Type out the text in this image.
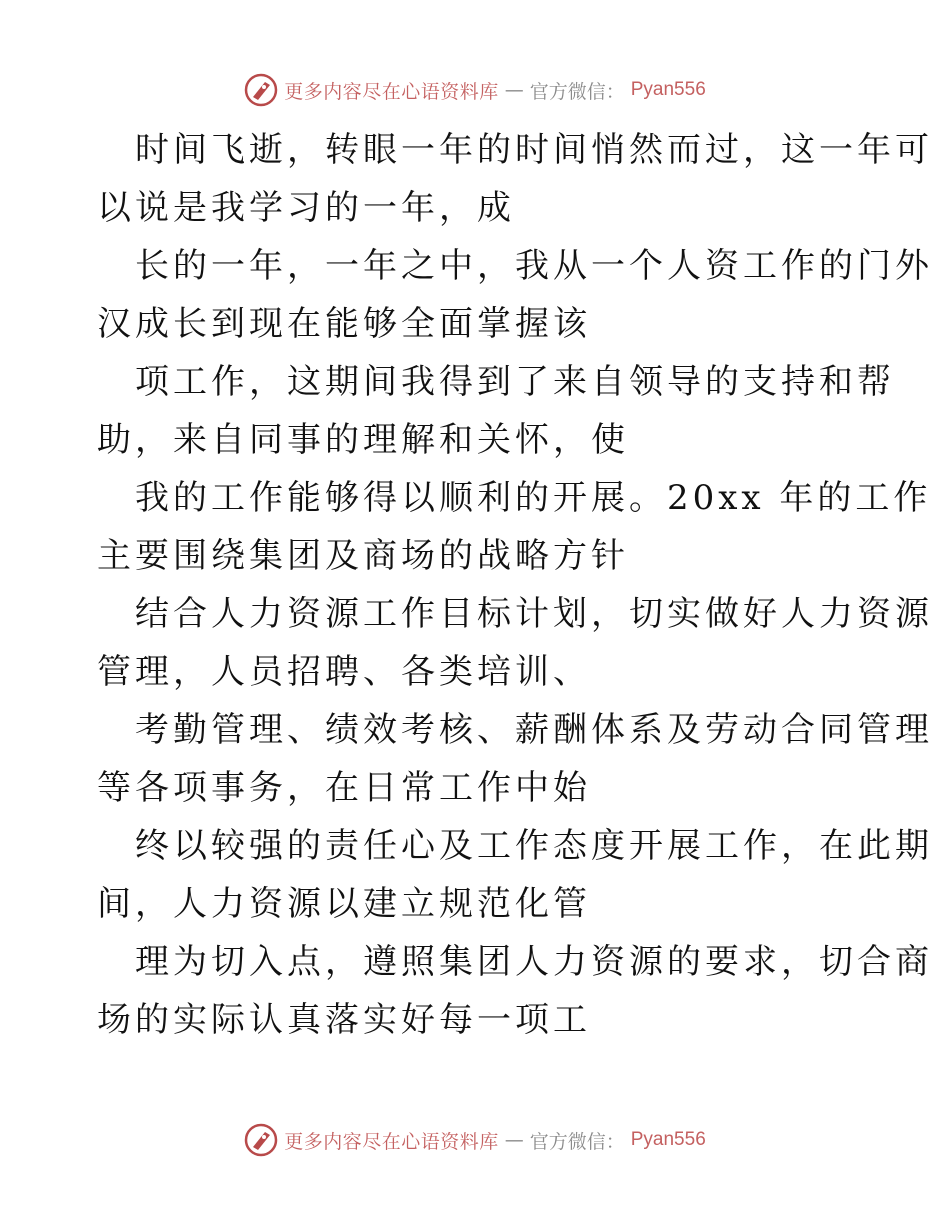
更多内容尽在心语资料库 — 官方微信： Pyan556

时间飞逝，转眼一年的时间悄然而过，这一年可

以说是我学习的一年，成

长的一年，一年之中，我从一个人资工作的门外

汉成长到现在能够全面掌握该

项工作，这期间我得到了来自领导的支持和帮

助，来自同事的理解和关怀，使

我的工作能够得以顺利的开展。20xx 年的工作

主要围绕集团及商场的战略方针

结合人力资源工作目标计划，切实做好人力资源

管理，人员招聘、各类培训、

考勤管理、绩效考核、薪酬体系及劳动合同管理

等各项事务，在日常工作中始

终以较强的责任心及工作态度开展工作，在此期

间，人力资源以建立规范化管

理为切入点，遵照集团人力资源的要求，切合商

场的实际认真落实好每一项工

更多内容尽在心语资料库 — 官方微信： Pyan556
